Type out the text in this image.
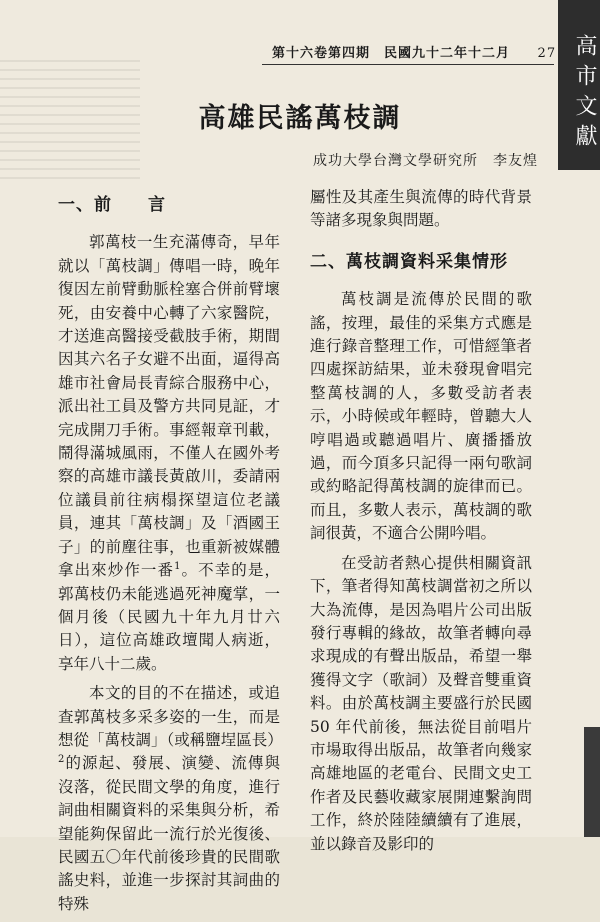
第十六卷第四期　民國九十二年十二月 27 高市文獻
高雄民謠萬枝調
成功大學台灣文學研究所　李友煌
一、前　　言

郭萬枝一生充滿傳奇，早年就以「萬枝調」傳唱一時，晚年復因左前臂動脈栓塞合併前臂壞死，由安養中心轉了六家醫院，才送進高醫接受截肢手術，期間因其六名子女避不出面，逼得高雄市社會局長青綜合服務中心，派出社工員及警方共同見証，才完成開刀手術。事經報章刊載，鬧得滿城風雨，不僅人在國外考察的高雄市議長黃啟川，委請兩位議員前往病榻探望這位老議員，連其「萬枝調」及「酒國王子」的前塵往事，也重新被媒體拿出來炒作一番$^1$。不幸的是，郭萬枝仍未能逃過死神魔掌，一個月後（民國九十年九月廿六日），這位高雄政壇聞人病逝，享年八十二歲。

本文的目的不在描述，或追查郭萬枝多采多姿的一生，而是想從「萬枝調」（或稱鹽埕區長）$^2$的源起、發展、演變、流傳與沒落，從民間文學的角度，進行詞曲相關資料的采集與分析，希望能夠保留此一流行於光復後、民國五〇年代前後珍貴的民間歌謠史料，並進一步探討其詞曲的特殊

屬性及其產生與流傳的時代背景等諸多現象與問題。

二、萬枝調資料采集情形

萬枝調是流傳於民間的歌謠，按理，最佳的采集方式應是進行錄音整理工作，可惜經筆者四處探訪結果，並未發現會唱完整萬枝調的人，多數受訪者表示，小時候或年輕時，曾聽大人哼唱過或聽過唱片、廣播播放過，而今頂多只記得一兩句歌詞或約略記得萬枝調的旋律而已。而且，多數人表示，萬枝調的歌詞很黃，不適合公開吟唱。

在受訪者熱心提供相關資訊下，筆者得知萬枝調當初之所以大為流傳，是因為唱片公司出版發行專輯的緣故，故筆者轉向尋求現成的有聲出版品，希望一舉獲得文字（歌詞）及聲音雙重資料。由於萬枝調主要盛行於民國 50 年代前後，無法從目前唱片市場取得出版品，故筆者向幾家高雄地區的老電台、民間文史工作者及民藝收藏家展開連繫詢問工作，終於陸陸續續有了進展，並以錄音及影印的
